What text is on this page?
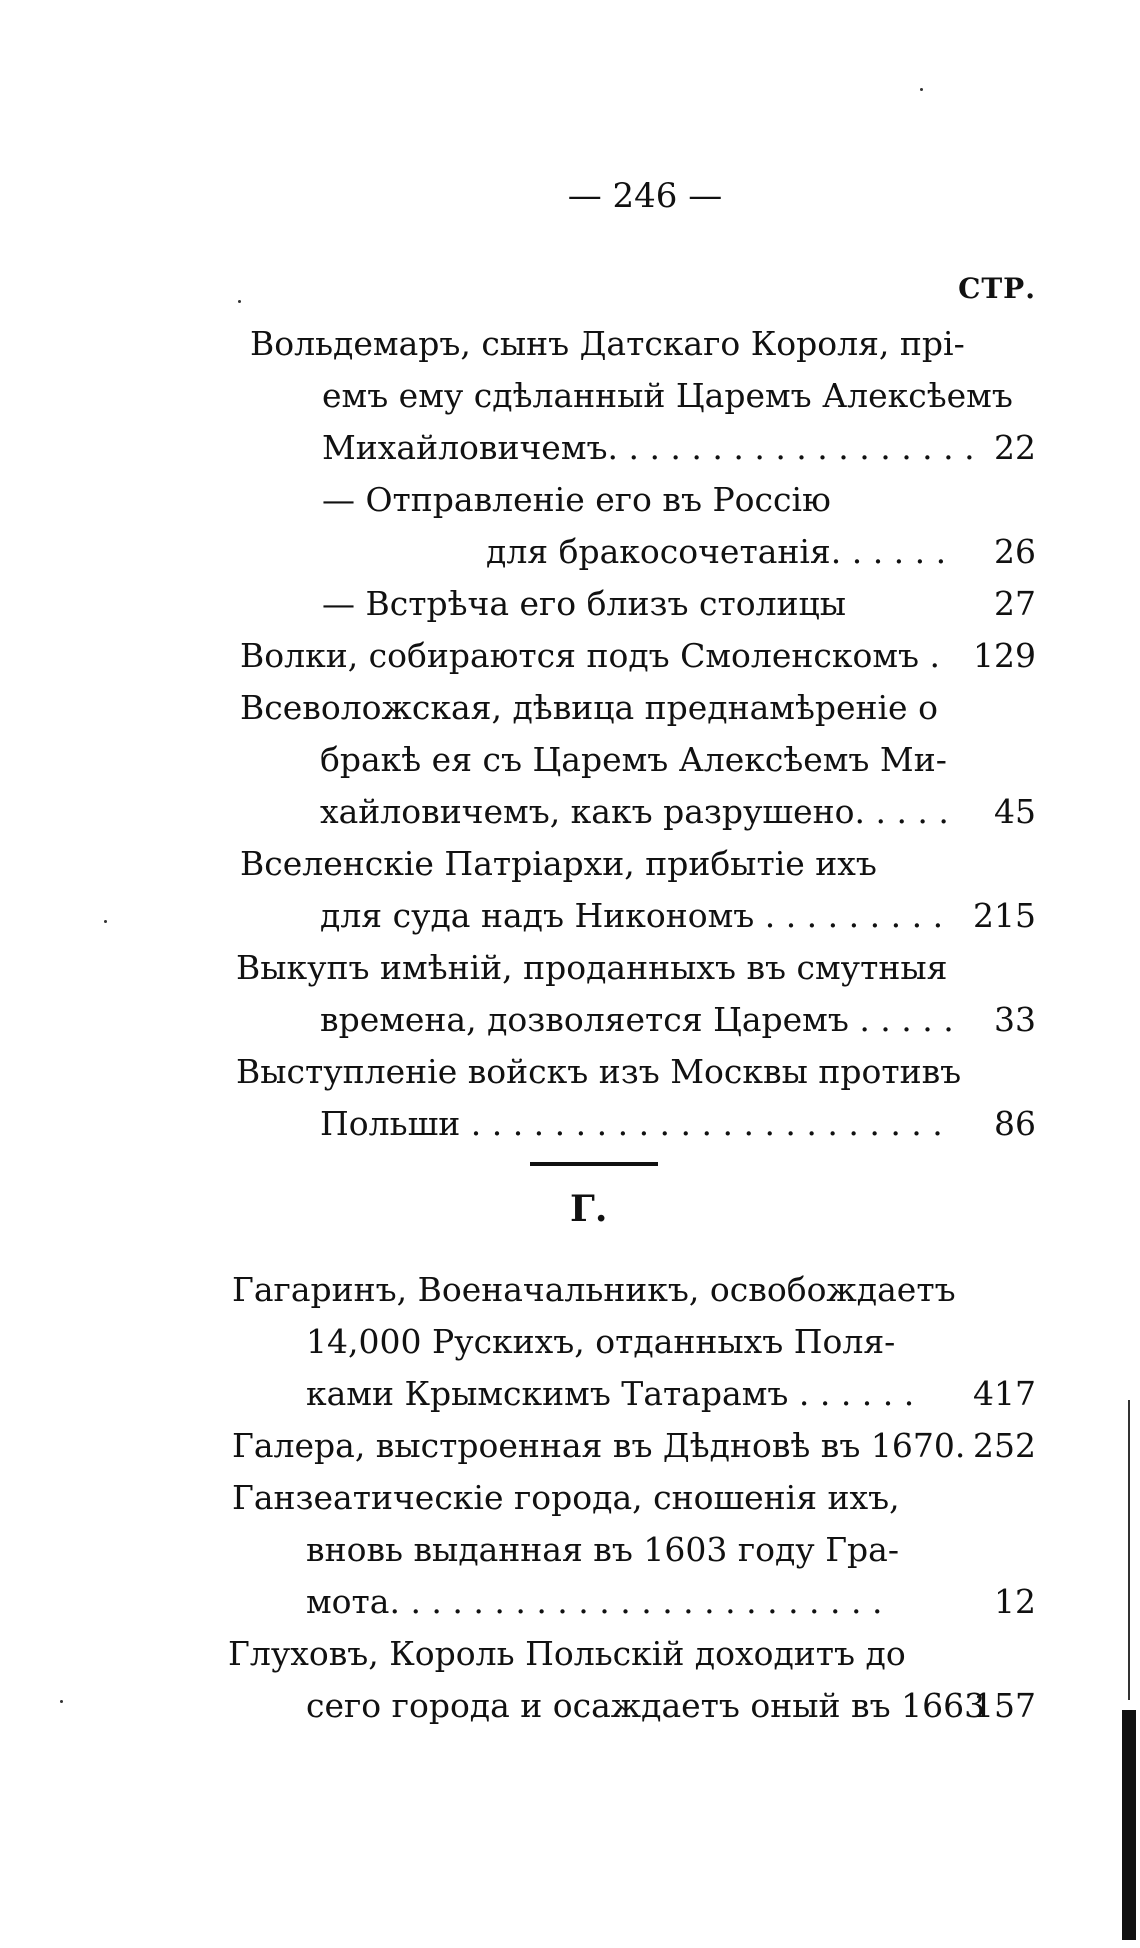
— 246 —
СТР.
Вольдемаръ, сынъ Датскаго Короля, прі-
емъ ему сдѣланный Царемъ Алексѣемъ
Михайловичемъ. . . . . . . . . . . . . . . . . . 22
— Отправленіе его въ Россію
для бракосочетанія. . . . . . 26
— Встрѣча его близъ столицы	27
Волки, собираются подъ Смоленскомъ . 129
Всеволожская, дѣвица преднамѣреніе о
бракѣ ея съ Царемъ Алексѣемъ Ми-
хайловичемъ, какъ разрушено. . . . . 45
Вселенскіе Патріархи, прибытіе ихъ
для суда надъ Никономъ . . . . . . . . . 215
Выкупъ имѣній, проданныхъ въ смутныя
времена, дозволяется Царемъ . . . . . 33
Выступленіе войскъ изъ Москвы противъ
Польши . . . . . . . . . . . . . . . . . . . . . . . 86
Г.
Гагаринъ, Военачальникъ, освобождаетъ
14,000 Рускихъ, отданныхъ Поля-
ками Крымскимъ Татарамъ . . . . . . 417
Галера, выстроенная въ Дѣдновѣ въ 1670. 252
Ганзеатическіе города, сношенія ихъ,
вновь выданная въ 1603 году Гра-
мота. . . . . . . . . . . . . . . . . . . . . . . .	12
Глуховъ, Король Польскій доходитъ до
сего города и осаждаетъ оный въ 1663
157
